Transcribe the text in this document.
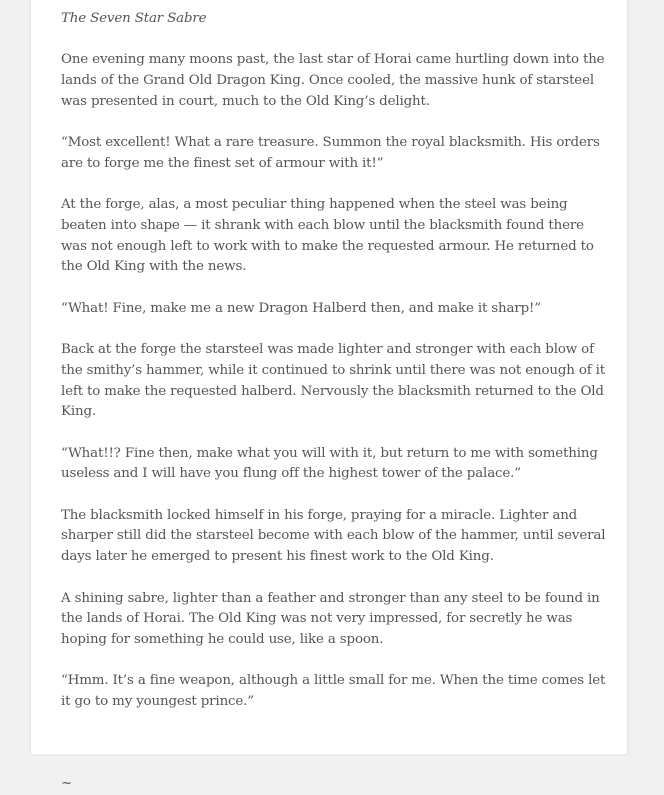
The Seven Star Sabre

One evening many moons past, the last star of Horai came hurtling down into the lands of the Grand Old Dragon King. Once cooled, the massive hunk of starsteel was presented in court, much to the Old King’s delight.

“Most excellent! What a rare treasure. Summon the royal blacksmith. His orders are to forge me the finest set of armour with it!”

At the forge, alas, a most peculiar thing happened when the steel was being beaten into shape — it shrank with each blow until the blacksmith found there was not enough left to work with to make the requested armour. He returned to the Old King with the news.

“What! Fine, make me a new Dragon Halberd then, and make it sharp!”

Back at the forge the starsteel was made lighter and stronger with each blow of the smithy’s hammer, while it continued to shrink until there was not enough of it left to make the requested halberd. Nervously the blacksmith returned to the Old King.

“What!!? Fine then, make what you will with it, but return to me with something useless and I will have you flung off the highest tower of the palace.”

The blacksmith locked himself in his forge, praying for a miracle. Lighter and sharper still did the starsteel become with each blow of the hammer, until several days later he emerged to present his finest work to the Old King.

A shining sabre, lighter than a feather and stronger than any steel to be found in the lands of Horai. The Old King was not very impressed, for secretly he was hoping for something he could use, like a spoon.

“Hmm. It’s a fine weapon, although a little small for me. When the time comes let it go to my youngest prince.”

~
